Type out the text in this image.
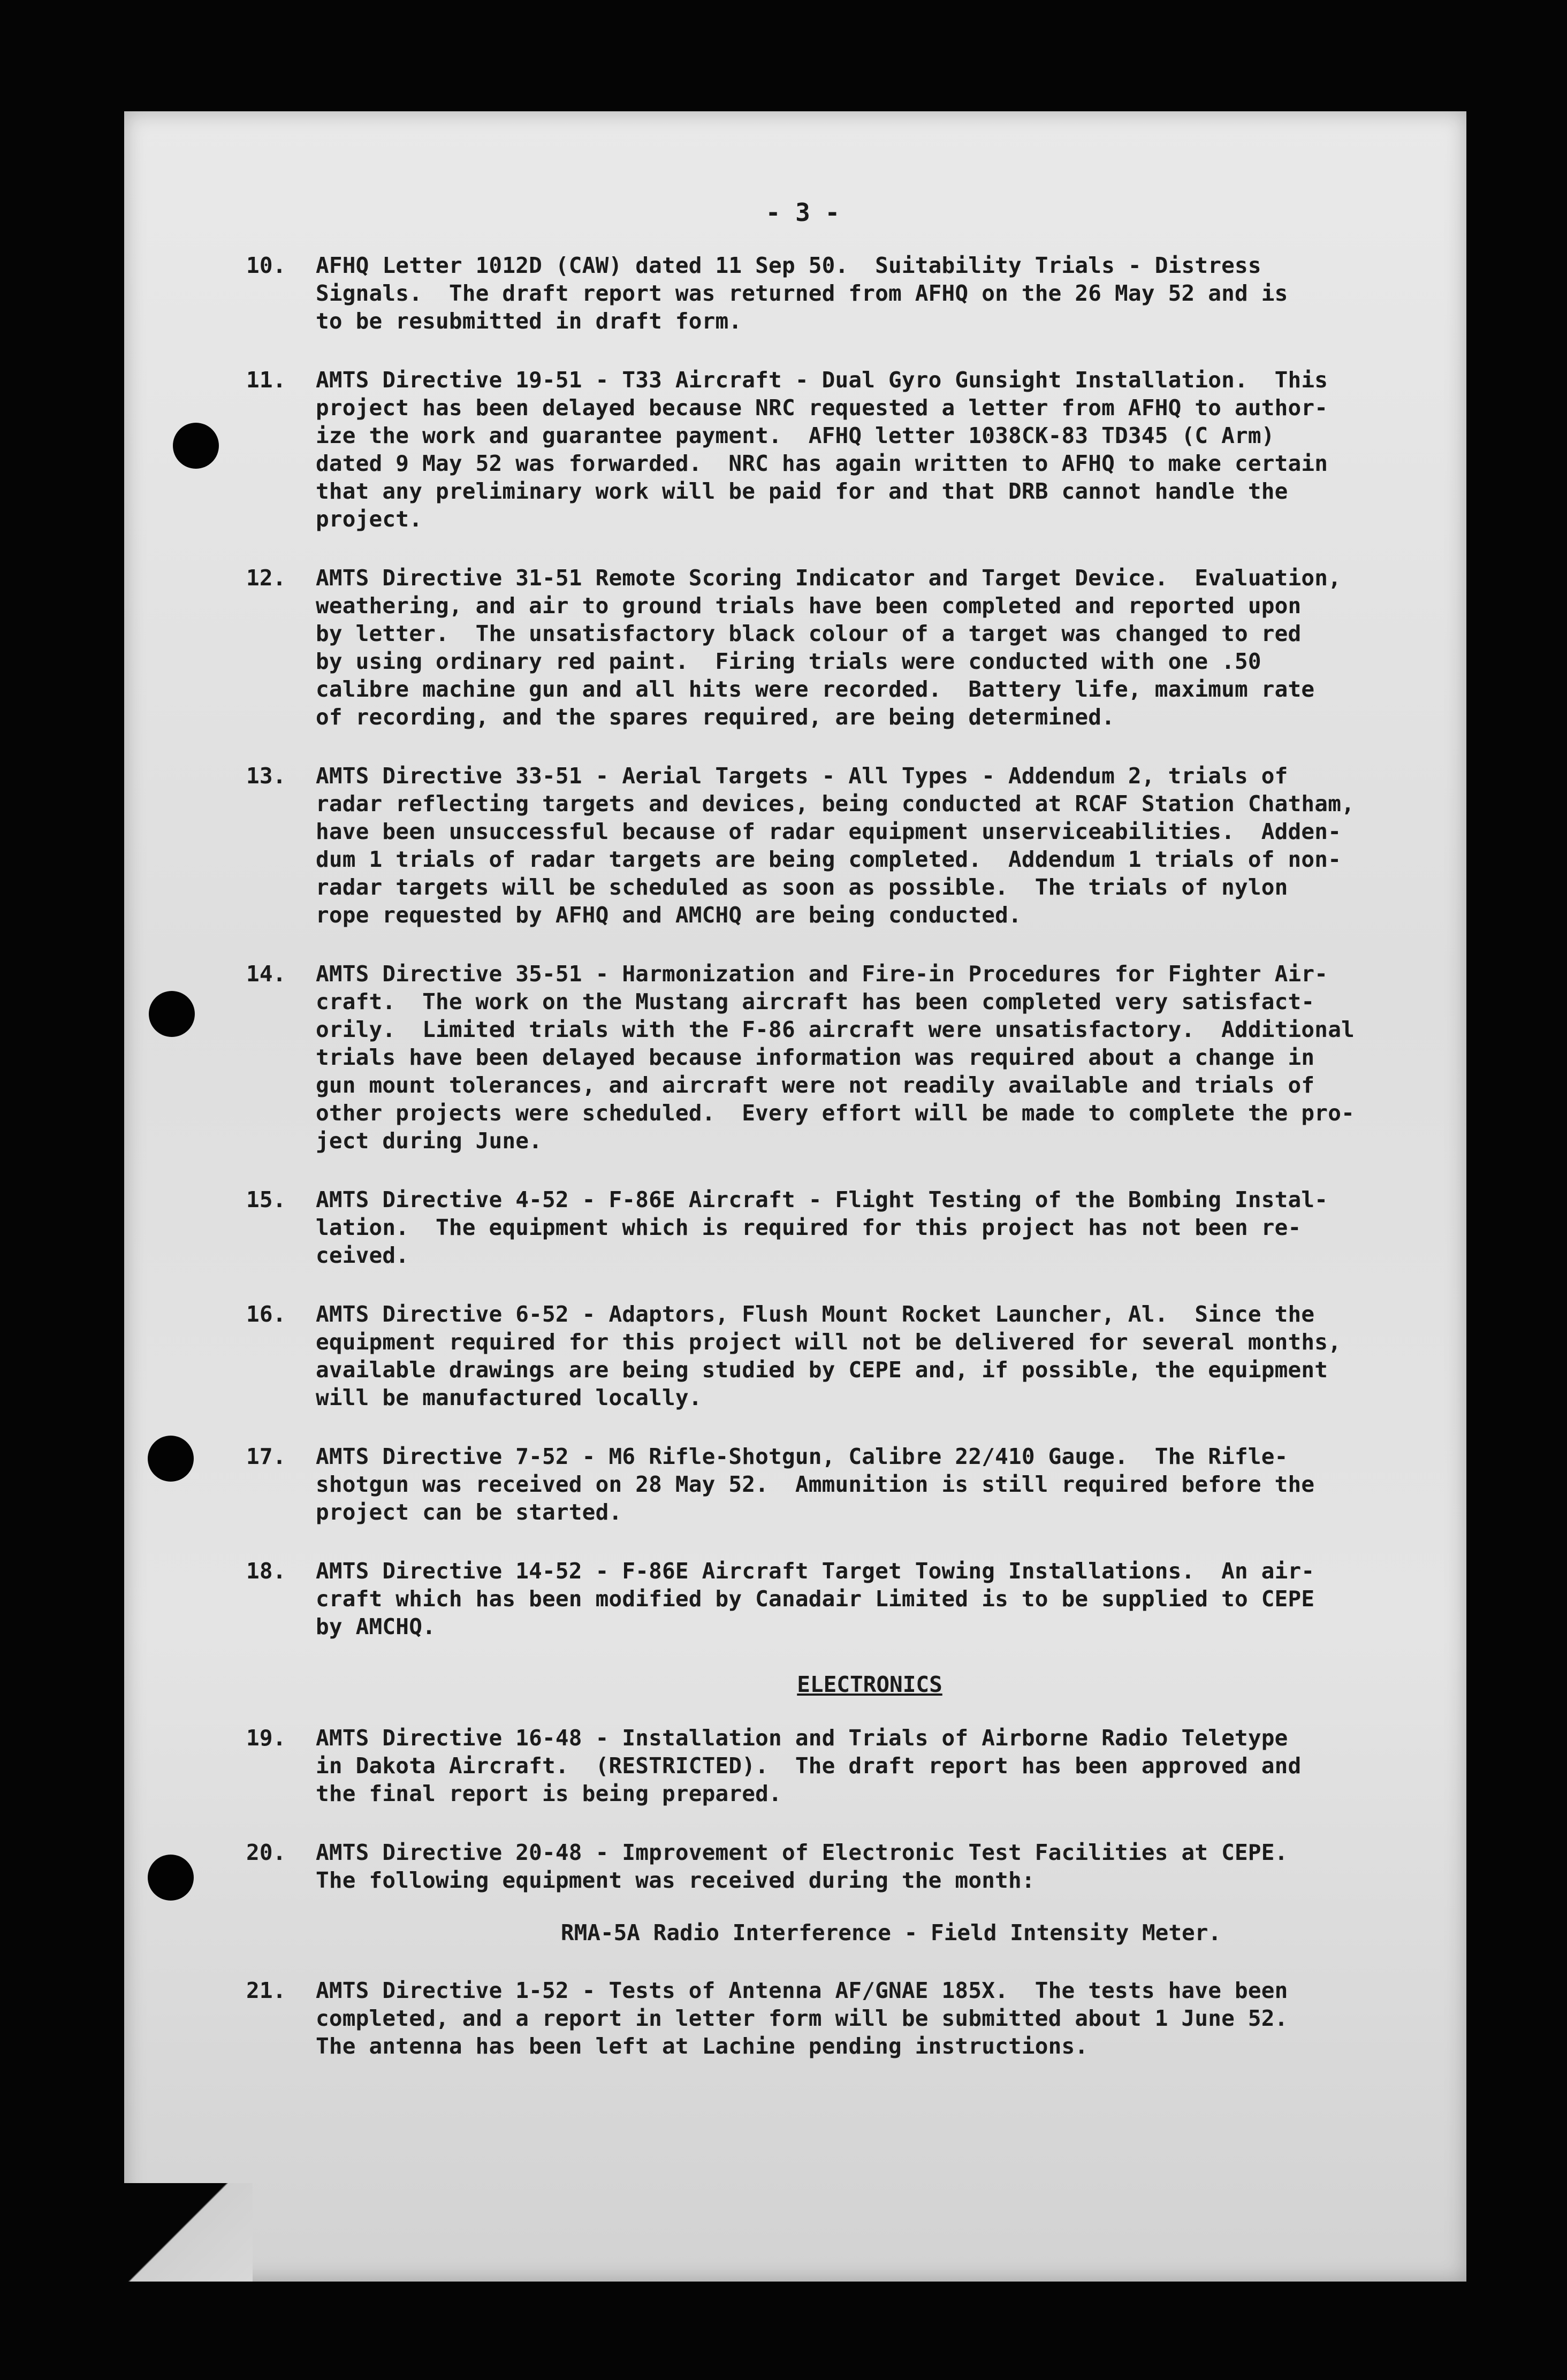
- 3 -
10.	AFHQ Letter 1012D (CAW) dated 11 Sep 50.  Suitability Trials - Distress
Signals.  The draft report was returned from AFHQ on the 26 May 52 and is
to be resubmitted in draft form.
11.	AMTS Directive 19-51 - T33 Aircraft - Dual Gyro Gunsight Installation.  This
project has been delayed because NRC requested a letter from AFHQ to author-
ize the work and guarantee payment.  AFHQ letter 1038CK-83 TD345 (C Arm)
dated 9 May 52 was forwarded.  NRC has again written to AFHQ to make certain
that any preliminary work will be paid for and that DRB cannot handle the
project.
12.	AMTS Directive 31-51 Remote Scoring Indicator and Target Device.  Evaluation,
weathering, and air to ground trials have been completed and reported upon
by letter.  The unsatisfactory black colour of a target was changed to red
by using ordinary red paint.  Firing trials were conducted with one .50
calibre machine gun and all hits were recorded.  Battery life, maximum rate
of recording, and the spares required, are being determined.
13.	AMTS Directive 33-51 - Aerial Targets - All Types - Addendum 2, trials of
radar reflecting targets and devices, being conducted at RCAF Station Chatham,
have been unsuccessful because of radar equipment unserviceabilities.  Adden-
dum 1 trials of radar targets are being completed.  Addendum 1 trials of non-
radar targets will be scheduled as soon as possible.  The trials of nylon
rope requested by AFHQ and AMCHQ are being conducted.
14.	AMTS Directive 35-51 - Harmonization and Fire-in Procedures for Fighter Air-
craft.  The work on the Mustang aircraft has been completed very satisfact-
orily.  Limited trials with the F-86 aircraft were unsatisfactory.  Additional
trials have been delayed because information was required about a change in
gun mount tolerances, and aircraft were not readily available and trials of
other projects were scheduled.  Every effort will be made to complete the pro-
ject during June.
15.	AMTS Directive 4-52 - F-86E Aircraft - Flight Testing of the Bombing Instal-
lation.  The equipment which is required for this project has not been re-
ceived.
16.	AMTS Directive 6-52 - Adaptors, Flush Mount Rocket Launcher, Al.  Since the
equipment required for this project will not be delivered for several months,
available drawings are being studied by CEPE and, if possible, the equipment
will be manufactured locally.
17.	AMTS Directive 7-52 - M6 Rifle-Shotgun, Calibre 22/410 Gauge.  The Rifle-
shotgun was received on 28 May 52.  Ammunition is still required before the
project can be started.
18.	AMTS Directive 14-52 - F-86E Aircraft Target Towing Installations.  An air-
craft which has been modified by Canadair Limited is to be supplied to CEPE
by AMCHQ.
ELECTRONICS
19.	AMTS Directive 16-48 - Installation and Trials of Airborne Radio Teletype
in Dakota Aircraft.  (RESTRICTED).  The draft report has been approved and
the final report is being prepared.
20.	AMTS Directive 20-48 - Improvement of Electronic Test Facilities at CEPE.
The following equipment was received during the month:
RMA-5A Radio Interference - Field Intensity Meter.
21.	AMTS Directive 1-52 - Tests of Antenna AF/GNAE 185X.  The tests have been
completed, and a report in letter form will be submitted about 1 June 52.
The antenna has been left at Lachine pending instructions.
